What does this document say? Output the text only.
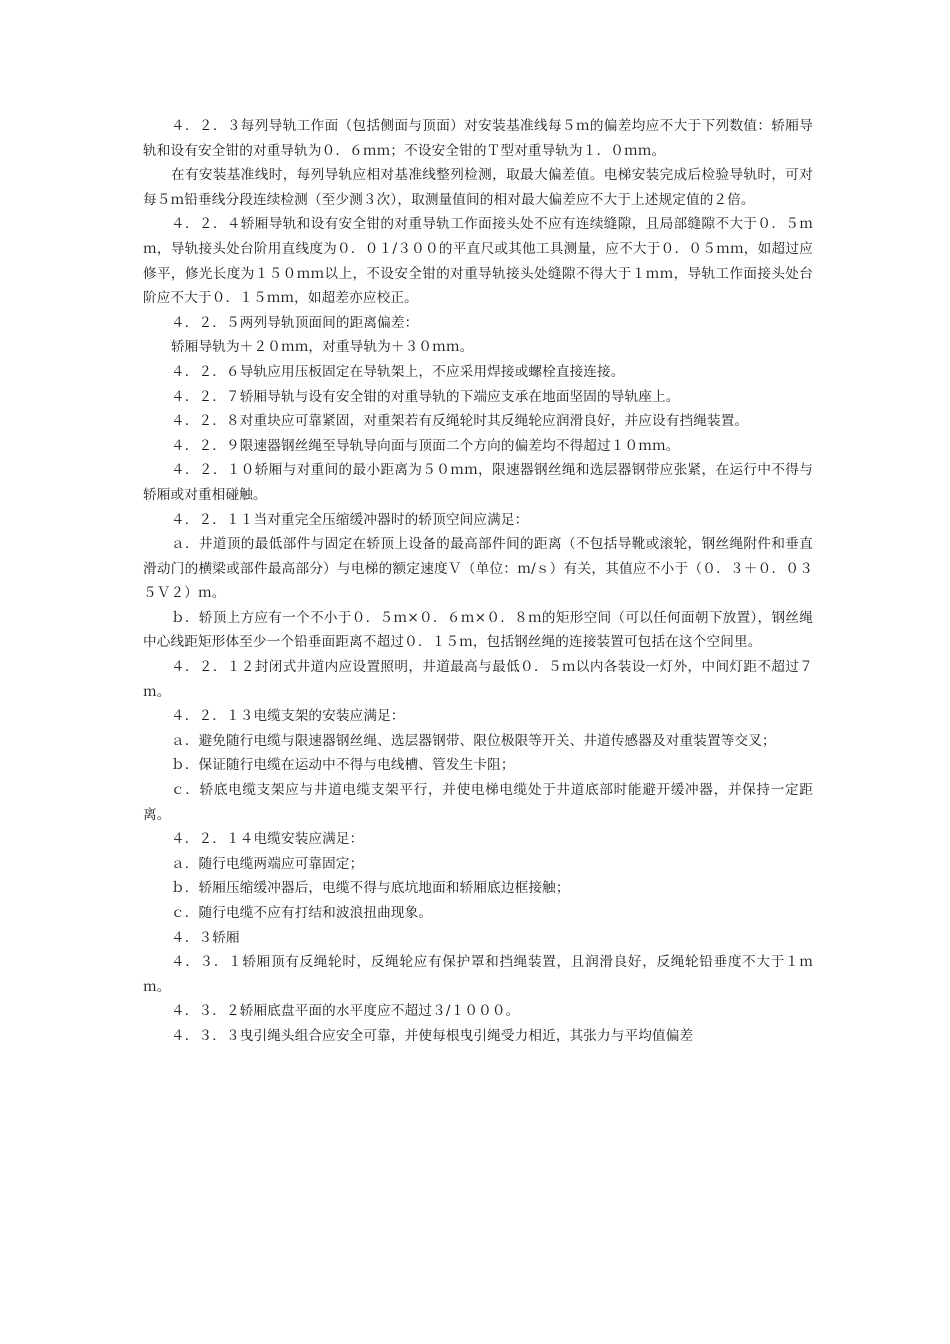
４．２．３每列导轨工作面（包括侧面与顶面）对安装基准线每５ｍ的偏差均应不大于下列数值：轿厢导轨和设有安全钳的对重导轨为０．６ｍｍ；不设安全钳的Ｔ型对重导轨为１．０ｍｍ。

在有安装基准线时，每列导轨应相对基准线整列检测，取最大偏差值。电梯安装完成后检验导轨时，可对每５ｍ铅垂线分段连续检测（至少测３次），取测量值间的相对最大偏差应不大于上述规定值的２倍。

４．２．４轿厢导轨和设有安全钳的对重导轨工作面接头处不应有连续缝隙，且局部缝隙不大于０．５ｍｍ，导轨接头处台阶用直线度为０．０１/３００的平直尺或其他工具测量，应不大于０．０５ｍｍ，如超过应修平，修光长度为１５０ｍｍ以上，不设安全钳的对重导轨接头处缝隙不得大于１ｍｍ，导轨工作面接头处台阶应不大于０．１５ｍｍ，如超差亦应校正。

４．２．５两列导轨顶面间的距离偏差：

轿厢导轨为＋２０ｍｍ，对重导轨为＋３０ｍｍ。

４．２．６导轨应用压板固定在导轨架上，不应采用焊接或螺栓直接连接。

４．２．７轿厢导轨与设有安全钳的对重导轨的下端应支承在地面坚固的导轨座上。

４．２．８对重块应可靠紧固，对重架若有反绳轮时其反绳轮应润滑良好，并应设有挡绳装置。

４．２．９限速器钢丝绳至导轨导向面与顶面二个方向的偏差均不得超过１０ｍｍ。

４．２．１０轿厢与对重间的最小距离为５０ｍｍ，限速器钢丝绳和选层器钢带应张紧，在运行中不得与轿厢或对重相碰触。

４．２．１１当对重完全压缩缓冲器时的轿顶空间应满足：

ａ．井道顶的最低部件与固定在轿顶上设备的最高部件间的距离（不包括导靴或滚轮，钢丝绳附件和垂直滑动门的横梁或部件最高部分）与电梯的额定速度Ｖ（单位：ｍ/ｓ）有关，其值应不小于（０．３＋０．０３５Ｖ２）ｍ。

ｂ．轿顶上方应有一个不小于０．５ｍ×０．６ｍ×０．８ｍ的矩形空间（可以任何面朝下放置），钢丝绳中心线距矩形体至少一个铅垂面距离不超过０．１５ｍ，包括钢丝绳的连接装置可包括在这个空间里。

４．２．１２封闭式井道内应设置照明，井道最高与最低０．５ｍ以内各装设一灯外，中间灯距不超过７ｍ。

４．２．１３电缆支架的安装应满足：

ａ．避免随行电缆与限速器钢丝绳、选层器钢带、限位极限等开关、井道传感器及对重装置等交叉；

ｂ．保证随行电缆在运动中不得与电线槽、管发生卡阻；

ｃ．轿底电缆支架应与井道电缆支架平行，并使电梯电缆处于井道底部时能避开缓冲器，并保持一定距离。

４．２．１４电缆安装应满足：

ａ．随行电缆两端应可靠固定；

ｂ．轿厢压缩缓冲器后，电缆不得与底坑地面和轿厢底边框接触；

ｃ．随行电缆不应有打结和波浪扭曲现象。

４．３轿厢

４．３．１轿厢顶有反绳轮时，反绳轮应有保护罩和挡绳装置，且润滑良好，反绳轮铅垂度不大于１ｍｍ。

４．３．２轿厢底盘平面的水平度应不超过３/１０００。

４．３．３曳引绳头组合应安全可靠，并使每根曳引绳受力相近，其张力与平均值偏差
